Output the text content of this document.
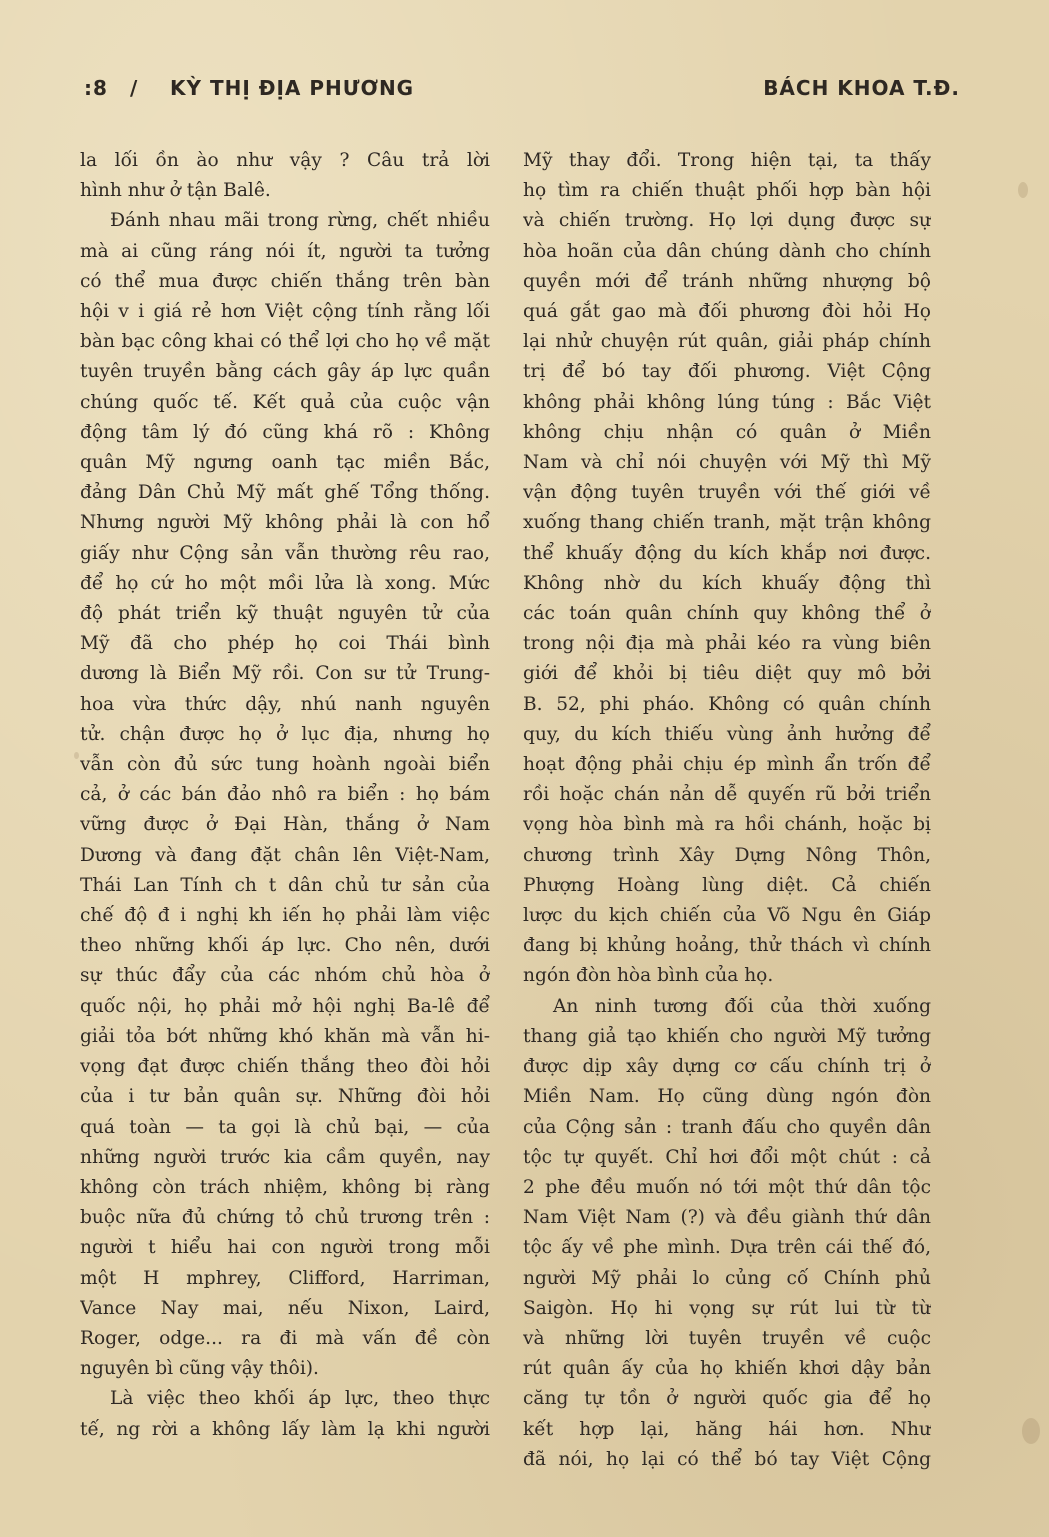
:8 / KỲ THỊ ĐỊA PHƯƠNG	BÁCH KHOA T.Đ.
la lối ồn ào như vậy ? Câu trả lời
hình như ở tận Balê.
Đánh nhau mãi trong rừng, chết nhiều
mà ai cũng ráng nói ít, người ta tưởng
có thể mua được chiến thắng trên bàn
hội v i giá rẻ hơn Việt cộng tính rằng lối
bàn bạc công khai có thể lợi cho họ về mặt
tuyên truyền bằng cách gây áp lực quần
chúng quốc tế. Kết quả của cuộc vận
động tâm lý đó cũng khá rõ : Không
quân Mỹ ngưng oanh tạc miền Bắc,
đảng Dân Chủ Mỹ mất ghế Tổng thống.
Nhưng người Mỹ không phải là con hổ
giấy như Cộng sản vẫn thường rêu rao,
để họ cứ ho một mồi lửa là xong. Mức
độ phát triển kỹ thuật nguyên tử của
Mỹ đã cho phép họ coi Thái bình
dương là Biển Mỹ rồi. Con sư tử Trung-
hoa vừa thức dậy, nhú nanh nguyên
tử. chận được họ ở lục địa, nhưng họ
vẫn còn đủ sức tung hoành ngoài biển
cả, ở các bán đảo nhô ra biển : họ bám
vững được ở Đại Hàn, thắng ở Nam
Dương và đang đặt chân lên Việt-Nam,
Thái Lan Tính ch t dân chủ tư sản của
chế độ đ i nghị kh iến họ phải làm việc
theo những khối áp lực. Cho nên, dưới
sự thúc đẩy của các nhóm chủ hòa ở
quốc nội, họ phải mở hội nghị Ba-lê để
giải tỏa bớt những khó khăn mà vẫn hi-
vọng đạt được chiến thắng theo đòi hỏi
của i tư bản quân sự. Những đòi hỏi
quá toàn — ta gọi là chủ bại, — của
những người trước kia cầm quyền, nay
không còn trách nhiệm, không bị ràng
buộc nữa đủ chứng tỏ chủ trương trên :
người t hiểu hai con người trong mỗi
một H mphrey, Clifford, Harriman,
Vance Nay mai, nếu Nixon, Laird,
Roger, odge... ra đi mà vấn đề còn
nguyên bì cũng vậy thôi).
Là việc theo khối áp lực, theo thực
tế, ng rời a không lấy làm lạ khi người
Mỹ thay đổi. Trong hiện tại, ta thấy
họ tìm ra chiến thuật phối hợp bàn hội
và chiến trường. Họ lợi dụng được sự
hòa hoãn của dân chúng dành cho chính
quyền mới để tránh những nhượng bộ
quá gắt gao mà đối phương đòi hỏi Họ
lại nhử chuyện rút quân, giải pháp chính
trị để bó tay đối phương. Việt Cộng
không phải không lúng túng : Bắc Việt
không chịu nhận có quân ở Miền
Nam và chỉ nói chuyện với Mỹ thì Mỹ
vận động tuyên truyền với thế giới về
xuống thang chiến tranh, mặt trận không
thể khuấy động du kích khắp nơi được.
Không nhờ du kích khuấy động thì
các toán quân chính quy không thể ở
trong nội địa mà phải kéo ra vùng biên
giới để khỏi bị tiêu diệt quy mô bởi
B. 52, phi pháo. Không có quân chính
quy, du kích thiếu vùng ảnh hưởng để
hoạt động phải chịu ép mình ẩn trốn để
rồi hoặc chán nản dễ quyến rũ bởi triển
vọng hòa bình mà ra hồi chánh, hoặc bị
chương trình Xây Dựng Nông Thôn,
Phượng Hoàng lùng diệt. Cả chiến
lược du kịch chiến của Võ Ngu ên Giáp
đang bị khủng hoảng, thử thách vì chính
ngón đòn hòa bình của họ.
An ninh tương đối của thời xuống
thang giả tạo khiến cho người Mỹ tưởng
được dịp xây dựng cơ cấu chính trị ở
Miền Nam. Họ cũng dùng ngón đòn
của Cộng sản : tranh đấu cho quyền dân
tộc tự quyết. Chỉ hơi đổi một chút : cả
2 phe đều muốn nó tới một thứ dân tộc
Nam Việt Nam (?) và đều giành thứ dân
tộc ấy về phe mình. Dựa trên cái thế đó,
người Mỹ phải lo củng cố Chính phủ
Saigòn. Họ hi vọng sự rút lui từ từ
và những lời tuyên truyền về cuộc
rút quân ấy của họ khiến khơi dậy bản
căng tự tồn ở người quốc gia để họ
kết hợp lại, hăng hái hơn. Như
đã nói, họ lại có thể bó tay Việt Cộng
